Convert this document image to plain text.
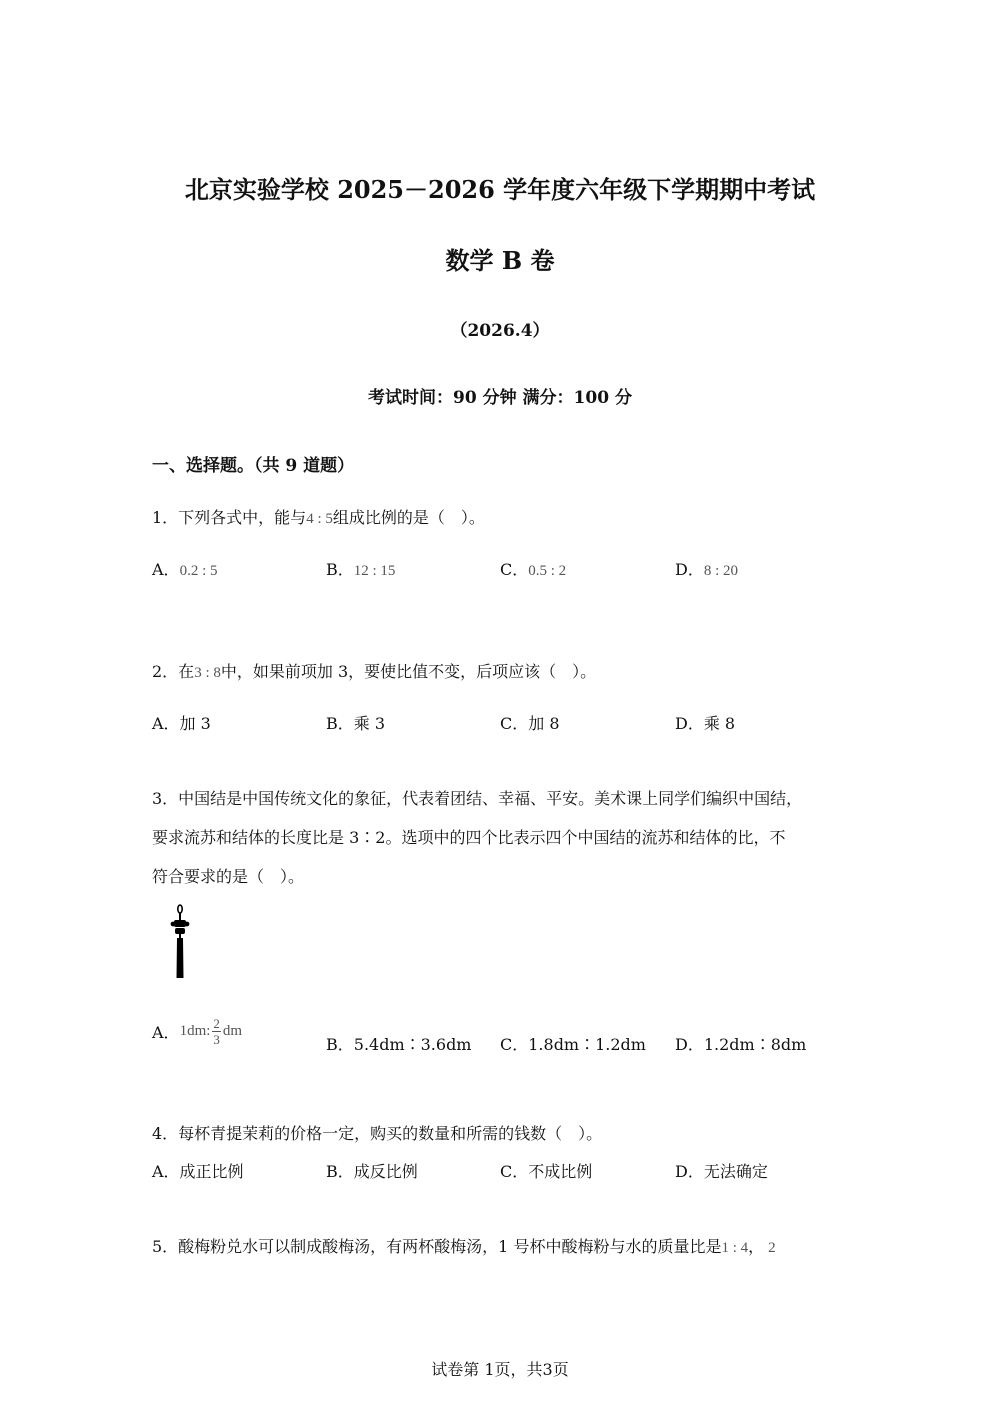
北京实验学校 2025－2026 学年度六年级下学期期中考试
数学 B 卷
（2026.4）
考试时间：90 分钟 满分：100 分
一、选择题。（共 9 道题）
1．下列各式中，能与4 : 5组成比例的是（　）。
A．0.2 : 5	B．12 : 15	C．0.5 : 2	D．8 : 20
2．在3 : 8中，如果前项加 3，要使比值不变，后项应该（　）。
A．加 3	B．乘 3	C．加 8	D．乘 8
3．中国结是中国传统文化的象征，代表着团结、幸福、平安。美术课上同学们编织中国结，
要求流苏和结体的长度比是 3∶2。选项中的四个比表示四个中国结的流苏和结体的比，不
符合要求的是（　）。
A．1dm: $\frac{2}{3}$ dm
B．5.4dm∶3.6dm C．1.8dm∶1.2dm D．1.2dm∶8dm
4．每杯青提茉莉的价格一定，购买的数量和所需的钱数（　）。
A．成正比例	B．成反比例	C．不成比例	D．无法确定
5．酸梅粉兑水可以制成酸梅汤，有两杯酸梅汤，1 号杯中酸梅粉与水的质量比是1 : 4， 2
试卷第 1页，共3页
